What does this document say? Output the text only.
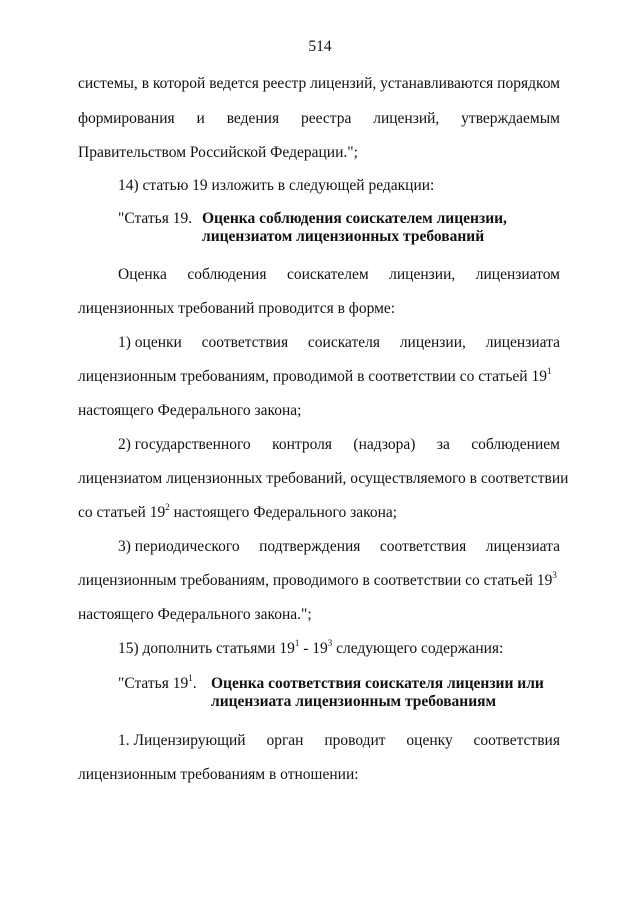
514
системы, в которой ведется реестр лицензий, устанавливаются порядком
формирования и ведения реестра лицензий, утверждаемым
Правительством Российской Федерации.";
14) статью 19 изложить в следующей редакции:
"Статья 19. Оценка соблюдения соискателем лицензии,
лицензиатом лицензионных требований
Оценка соблюдения соискателем лицензии, лицензиатом
лицензионных требований проводится в форме:
1) оценки соответствия соискателя лицензии, лицензиата
лицензионным требованиям, проводимой в соответствии со статьей $19^1$
настоящего Федерального закона;
2) государственного контроля (надзора) за соблюдением
лицензиатом лицензионных требований, осуществляемого в соответствии
со статьей $19^2$ настоящего Федерального закона;
3) периодического подтверждения соответствия лицензиата
лицензионным требованиям, проводимого в соответствии со статьей $19^3$
настоящего Федерального закона.";
15) дополнить статьями $19^1 - 19^3$ следующего содержания:
"Статья $19^1$. Оценка соответствия соискателя лицензии или
лицензиата лицензионным требованиям
1. Лицензирующий орган проводит оценку соответствия
лицензионным требованиям в отношении:
